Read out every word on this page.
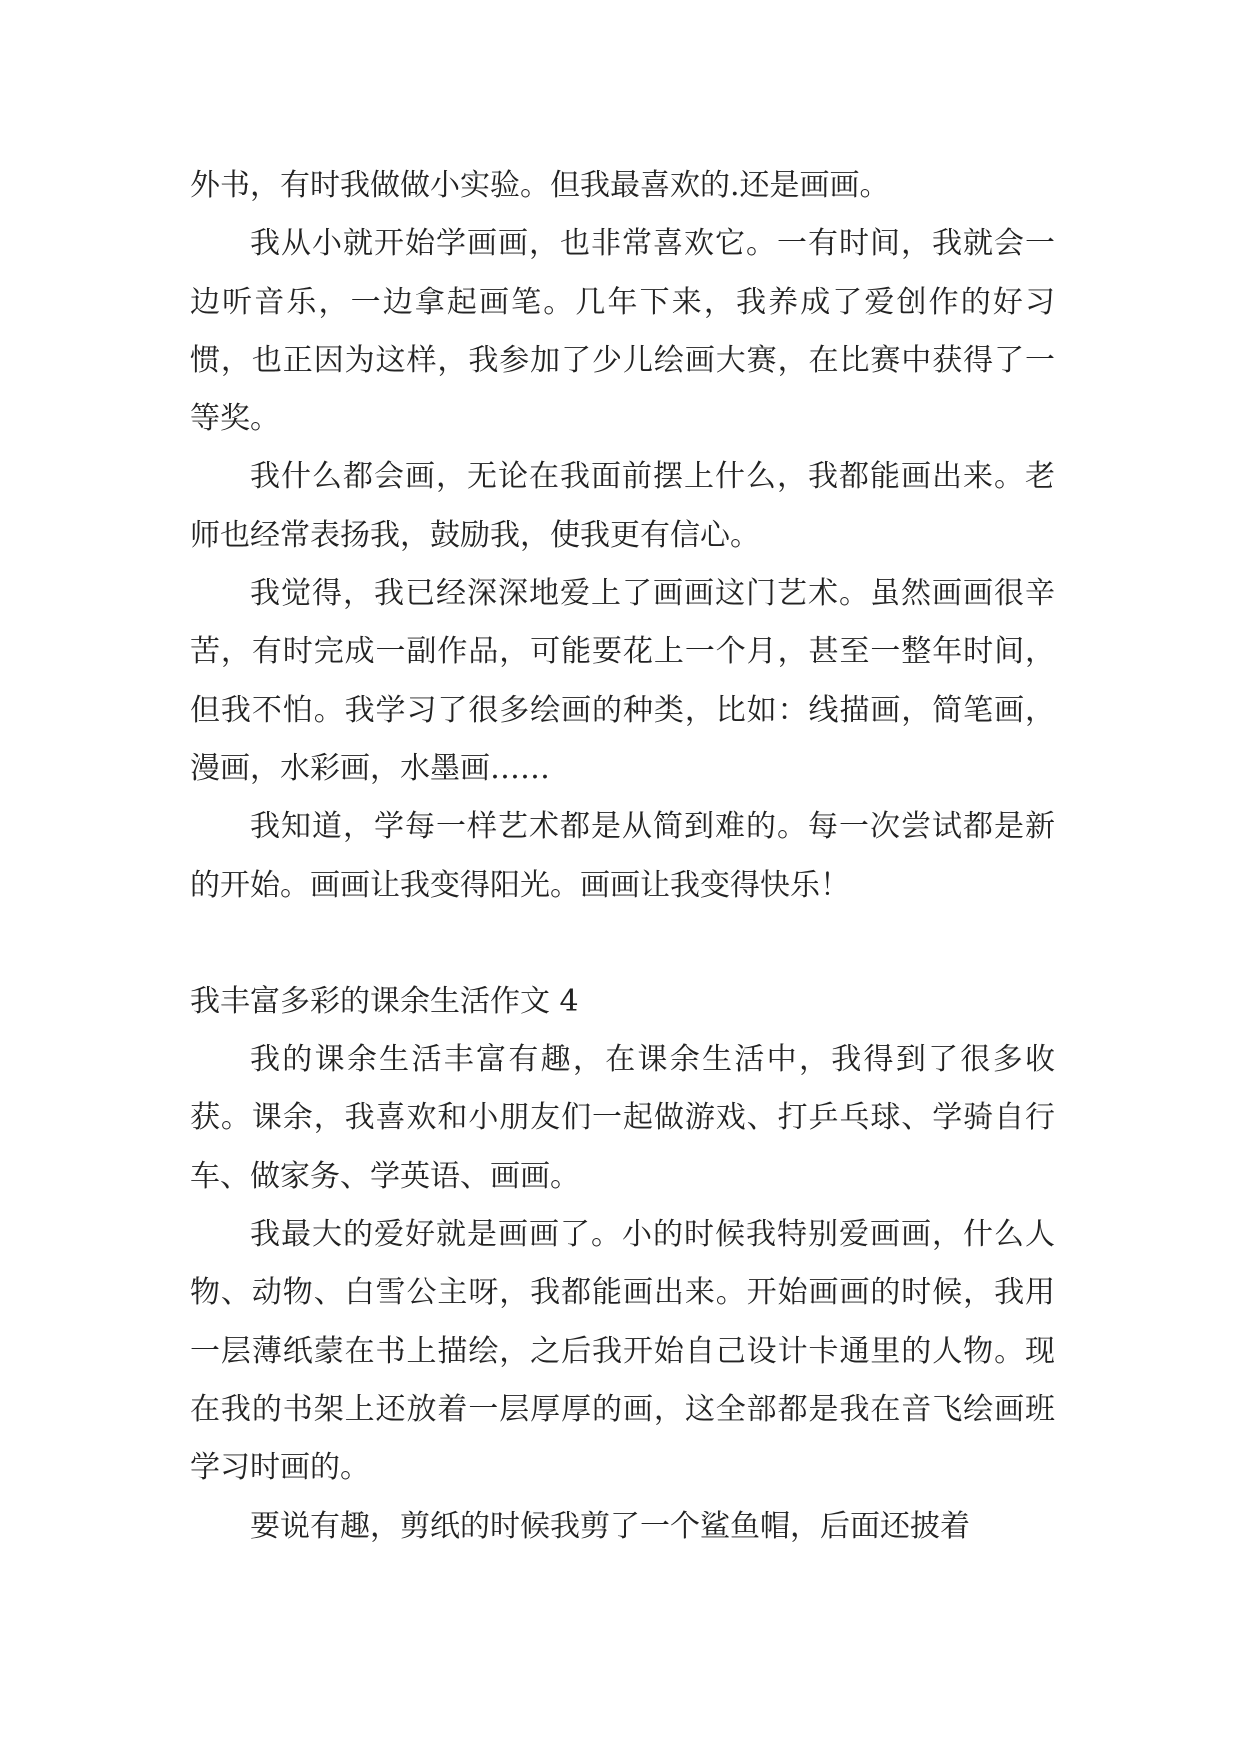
外书，有时我做做小实验。但我最喜欢的.还是画画。

我从小就开始学画画，也非常喜欢它。一有时间，我就会一边听音乐，一边拿起画笔。几年下来，我养成了爱创作的好习惯，也正因为这样，我参加了少儿绘画大赛，在比赛中获得了一等奖。

我什么都会画，无论在我面前摆上什么，我都能画出来。老师也经常表扬我，鼓励我，使我更有信心。

我觉得，我已经深深地爱上了画画这门艺术。虽然画画很辛苦，有时完成一副作品，可能要花上一个月，甚至一整年时间，但我不怕。我学习了很多绘画的种类，比如：线描画，简笔画，漫画，水彩画，水墨画……

我知道，学每一样艺术都是从简到难的。每一次尝试都是新的开始。画画让我变得阳光。画画让我变得快乐！

我丰富多彩的课余生活作文 4

我的课余生活丰富有趣，在课余生活中，我得到了很多收获。课余，我喜欢和小朋友们一起做游戏、打乒乓球、学骑自行车、做家务、学英语、画画。

我最大的爱好就是画画了。小的时候我特别爱画画，什么人物、动物、白雪公主呀，我都能画出来。开始画画的时候，我用一层薄纸蒙在书上描绘，之后我开始自己设计卡通里的人物。现在我的书架上还放着一层厚厚的画，这全部都是我在音飞绘画班学习时画的。

要说有趣，剪纸的时候我剪了一个鲨鱼帽，后面还披着
